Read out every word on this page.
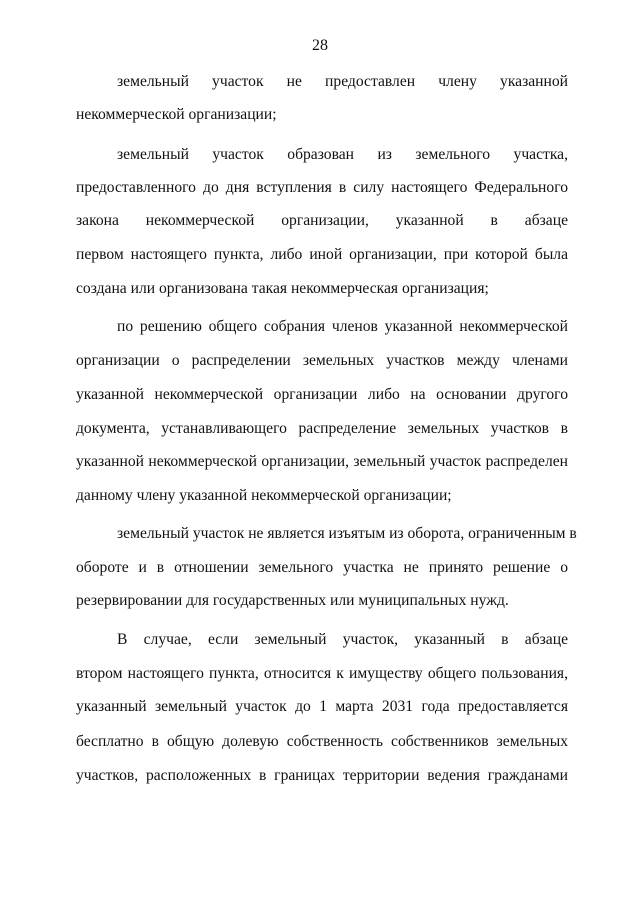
28
земельный участок не предоставлен члену указанной
некоммерческой организации;
земельный участок образован из земельного участка,
предоставленного до дня вступления в силу настоящего Федерального
закона некоммерческой организации, указанной в абзаце
первом настоящего пункта, либо иной организации, при которой была
создана или организована такая некоммерческая организация;
по решению общего собрания членов указанной некоммерческой
организации о распределении земельных участков между членами
указанной некоммерческой организации либо на основании другого
документа, устанавливающего распределение земельных участков в
указанной некоммерческой организации, земельный участок распределен
данному члену указанной некоммерческой организации;
земельный участок не является изъятым из оборота, ограниченным в
обороте и в отношении земельного участка не принято решение о
резервировании для государственных или муниципальных нужд.
В случае, если земельный участок, указанный в абзаце
втором настоящего пункта, относится к имуществу общего пользования,
указанный земельный участок до 1 марта 2031 года предоставляется
бесплатно в общую долевую собственность собственников земельных
участков, расположенных в границах территории ведения гражданами
